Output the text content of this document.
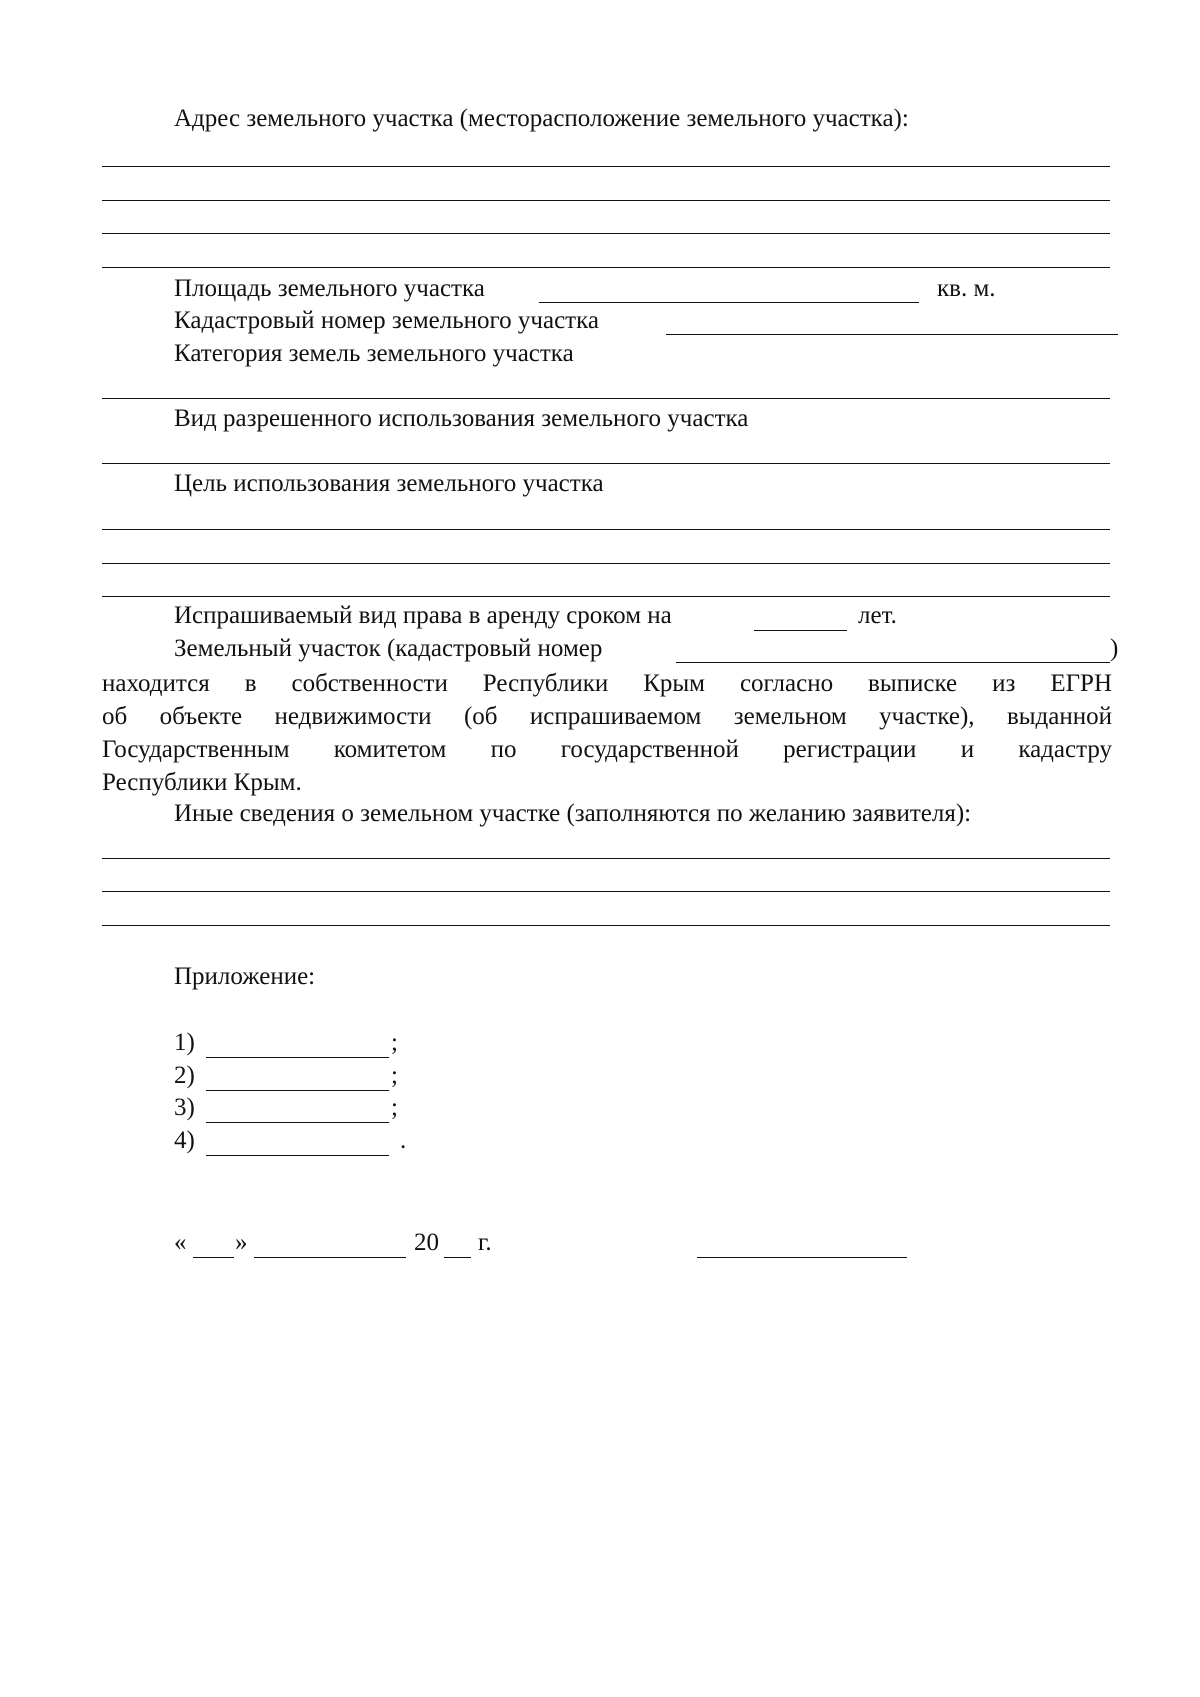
Адрес земельного участка (месторасположение земельного участка):
Площадь земельного участка	кв. м.
Кадастровый номер земельного участка
Категория земель земельного участка
Вид разрешенного использования земельного участка
Цель использования земельного участка
Испрашиваемый вид права в аренду сроком на	лет.
Земельный участок (кадастровый номер	)
находится в собственности Республики Крым согласно выписке из ЕГРН
об объекте недвижимости (об испрашиваемом земельном участке), выданной
Государственным комитетом по государственной регистрации и кадастру
Республики Крым.
Иные сведения о земельном участке (заполняются по желанию заявителя):
Приложение:
1)	;
2)	;
3)	;
4)	.
« »	20 г.
